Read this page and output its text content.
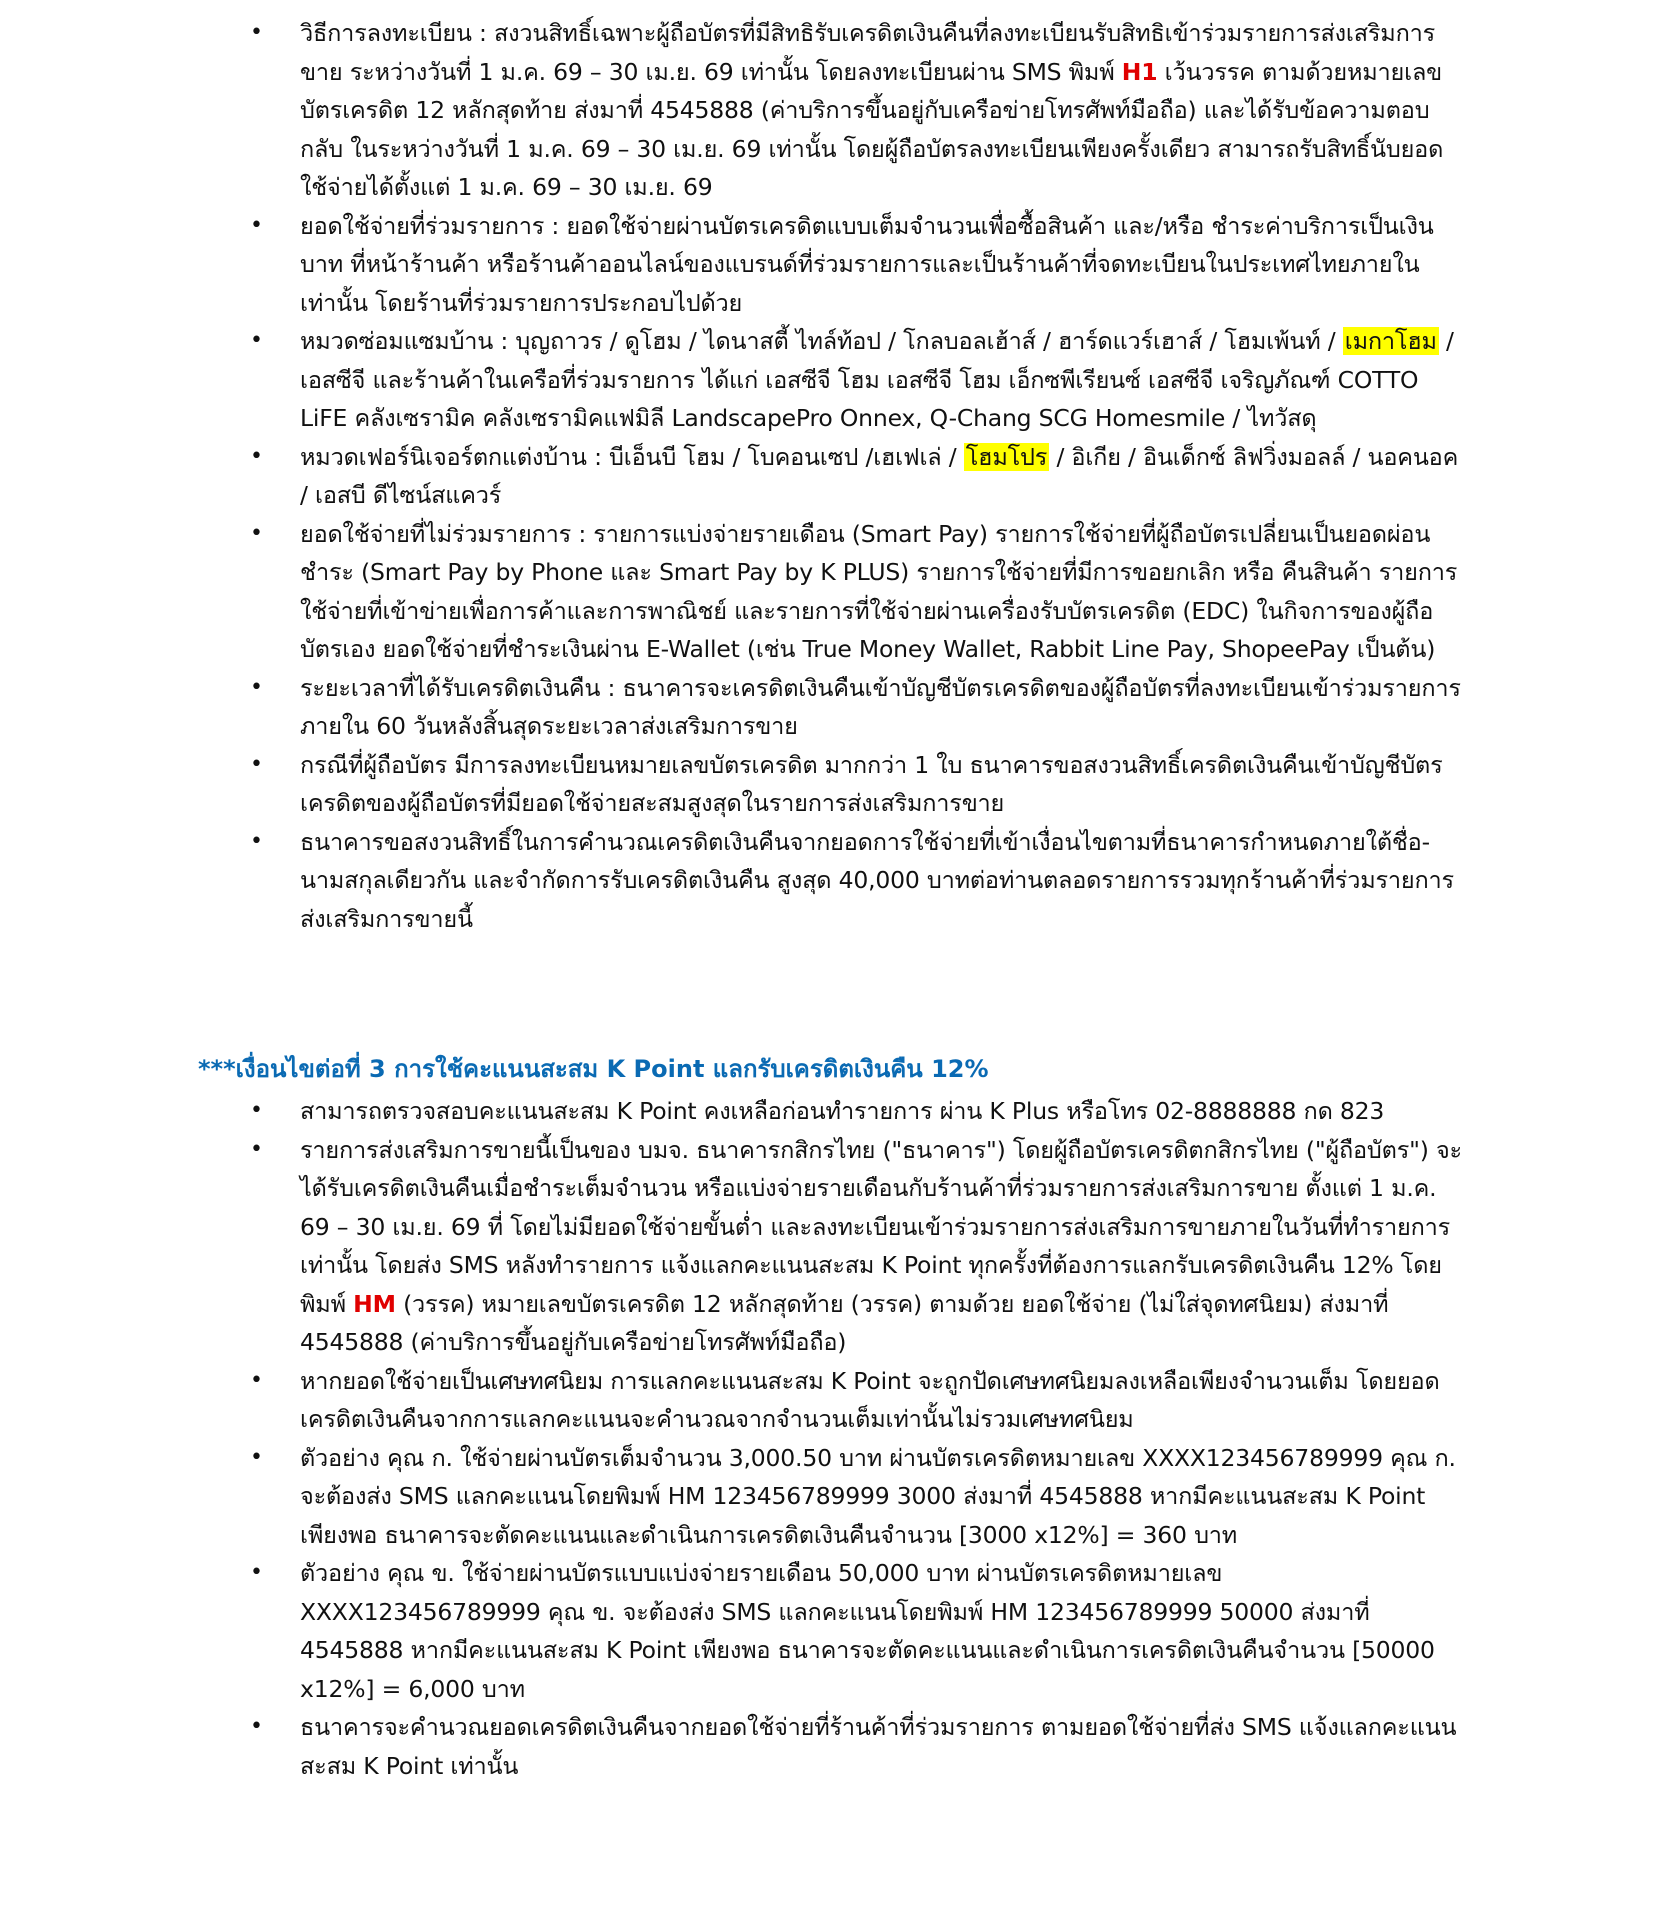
•	วิธีการลงทะเบียน : สงวนสิทธิ์เฉพาะผู้ถือบัตรที่มีสิทธิรับเครดิตเงินคืนที่ลงทะเบียนรับสิทธิเข้าร่วมรายการส่งเสริมการขาย ระหว่างวันที่ 1 ม.ค. 69 – 30 เม.ย. 69 เท่านั้น โดยลงทะเบียนผ่าน SMS พิมพ์ H1 เว้นวรรค ตามด้วยหมายเลขบัตรเครดิต 12 หลักสุดท้าย ส่งมาที่ 4545888 (ค่าบริการขึ้นอยู่กับเครือข่ายโทรศัพท์มือถือ) และได้รับข้อความตอบกลับ ในระหว่างวันที่ 1 ม.ค. 69 – 30 เม.ย. 69 เท่านั้น โดยผู้ถือบัตรลงทะเบียนเพียงครั้งเดียว สามารถรับสิทธิ์นับยอดใช้จ่ายได้ตั้งแต่ 1 ม.ค. 69 – 30 เม.ย. 69
•	ยอดใช้จ่ายที่ร่วมรายการ : ยอดใช้จ่ายผ่านบัตรเครดิตแบบเต็มจำนวนเพื่อซื้อสินค้า และ/หรือ ชำระค่าบริการเป็นเงินบาท ที่หน้าร้านค้า หรือร้านค้าออนไลน์ของแบรนด์ที่ร่วมรายการและเป็นร้านค้าที่จดทะเบียนในประเทศไทยภายในเท่านั้น โดยร้านที่ร่วมรายการประกอบไปด้วย
•	หมวดซ่อมแซมบ้าน : บุญถาวร / ดูโฮม / ไดนาสตี้ ไทล์ท้อป / โกลบอลเฮ้าส์ / ฮาร์ดแวร์เฮาส์ / โฮมเพ้นท์ / เมกาโฮม / เอสซีจี และร้านค้าในเครือที่ร่วมรายการ ได้แก่ เอสซีจี โฮม เอสซีจี โฮม เอ็กซพีเรียนซ์ เอสซีจี เจริญภัณฑ์ COTTO LiFE คลังเซรามิค คลังเซรามิคแฟมิลี LandscapePro Onnex, Q-Chang SCG Homesmile / ไทวัสดุ
•	หมวดเฟอร์นิเจอร์ตกแต่งบ้าน : บีเอ็นบี โฮม / โบคอนเซป /เฮเฟเล่ / โฮมโปร / อิเกีย / อินเด็กซ์ ลิฟวิ่งมอลล์ / นอคนอค / เอสบี ดีไซน์สแควร์
•	ยอดใช้จ่ายที่ไม่ร่วมรายการ : รายการแบ่งจ่ายรายเดือน (Smart Pay) รายการใช้จ่ายที่ผู้ถือบัตรเปลี่ยนเป็นยอดผ่อนชำระ (Smart Pay by Phone และ Smart Pay by K PLUS) รายการใช้จ่ายที่มีการขอยกเลิก หรือ คืนสินค้า รายการใช้จ่ายที่เข้าข่ายเพื่อการค้าและการพาณิชย์ และรายการที่ใช้จ่ายผ่านเครื่องรับบัตรเครดิต (EDC) ในกิจการของผู้ถือบัตรเอง ยอดใช้จ่ายที่ชำระเงินผ่าน E-Wallet (เช่น True Money Wallet, Rabbit Line Pay, ShopeePay เป็นต้น)
•	ระยะเวลาที่ได้รับเครดิตเงินคืน : ธนาคารจะเครดิตเงินคืนเข้าบัญชีบัตรเครดิตของผู้ถือบัตรที่ลงทะเบียนเข้าร่วมรายการภายใน 60 วันหลังสิ้นสุดระยะเวลาส่งเสริมการขาย
•	กรณีที่ผู้ถือบัตร มีการลงทะเบียนหมายเลขบัตรเครดิต มากกว่า 1 ใบ ธนาคารขอสงวนสิทธิ์เครดิตเงินคืนเข้าบัญชีบัตรเครดิตของผู้ถือบัตรที่มียอดใช้จ่ายสะสมสูงสุดในรายการส่งเสริมการขาย
•	ธนาคารขอสงวนสิทธิ์ในการคำนวณเครดิตเงินคืนจากยอดการใช้จ่ายที่เข้าเงื่อนไขตามที่ธนาคารกำหนดภายใต้ชื่อ-นามสกุลเดียวกัน และจำกัดการรับเครดิตเงินคืน สูงสุด 40,000 บาทต่อท่านตลอดรายการรวมทุกร้านค้าที่ร่วมรายการส่งเสริมการขายนี้
***เงื่อนไขต่อที่ 3 การใช้คะแนนสะสม K Point แลกรับเครดิตเงินคืน 12%
•	สามารถตรวจสอบคะแนนสะสม K Point คงเหลือก่อนทำรายการ ผ่าน K Plus หรือโทร 02-8888888 กด 823
•	รายการส่งเสริมการขายนี้เป็นของ บมจ. ธนาคารกสิกรไทย ("ธนาคาร") โดยผู้ถือบัตรเครดิตกสิกรไทย ("ผู้ถือบัตร") จะได้รับเครดิตเงินคืนเมื่อชำระเต็มจำนวน หรือแบ่งจ่ายรายเดือนกับร้านค้าที่ร่วมรายการส่งเสริมการขาย ตั้งแต่ 1 ม.ค. 69 – 30 เม.ย. 69 ที่ โดยไม่มียอดใช้จ่ายขั้นต่ำ และลงทะเบียนเข้าร่วมรายการส่งเสริมการขายภายในวันที่ทำรายการเท่านั้น โดยส่ง SMS หลังทำรายการ แจ้งแลกคะแนนสะสม K Point ทุกครั้งที่ต้องการแลกรับเครดิตเงินคืน 12% โดย พิมพ์ HM (วรรค) หมายเลขบัตรเครดิต 12 หลักสุดท้าย (วรรค) ตามด้วย ยอดใช้จ่าย (ไม่ใส่จุดทศนิยม) ส่งมาที่ 4545888 (ค่าบริการขึ้นอยู่กับเครือข่ายโทรศัพท์มือถือ)
•	หากยอดใช้จ่ายเป็นเศษทศนิยม การแลกคะแนนสะสม K Point จะถูกปัดเศษทศนิยมลงเหลือเพียงจำนวนเต็ม โดยยอดเครดิตเงินคืนจากการแลกคะแนนจะคำนวณจากจำนวนเต็มเท่านั้นไม่รวมเศษทศนิยม
•	ตัวอย่าง คุณ ก. ใช้จ่ายผ่านบัตรเต็มจำนวน 3,000.50 บาท ผ่านบัตรเครดิตหมายเลข XXXX123456789999 คุณ ก. จะต้องส่ง SMS แลกคะแนนโดยพิมพ์ HM 123456789999 3000 ส่งมาที่ 4545888 หากมีคะแนนสะสม K Point เพียงพอ ธนาคารจะตัดคะแนนและดำเนินการเครดิตเงินคืนจำนวน [3000 x12%] = 360 บาท
•	ตัวอย่าง คุณ ข. ใช้จ่ายผ่านบัตรแบบแบ่งจ่ายรายเดือน 50,000 บาท ผ่านบัตรเครดิตหมายเลข XXXX123456789999 คุณ ข. จะต้องส่ง SMS แลกคะแนนโดยพิมพ์ HM 123456789999 50000 ส่งมาที่ 4545888 หากมีคะแนนสะสม K Point เพียงพอ ธนาคารจะตัดคะแนนและดำเนินการเครดิตเงินคืนจำนวน [50000 x12%] = 6,000 บาท
•	ธนาคารจะคำนวณยอดเครดิตเงินคืนจากยอดใช้จ่ายที่ร้านค้าที่ร่วมรายการ ตามยอดใช้จ่ายที่ส่ง SMS แจ้งแลกคะแนนสะสม K Point เท่านั้น
